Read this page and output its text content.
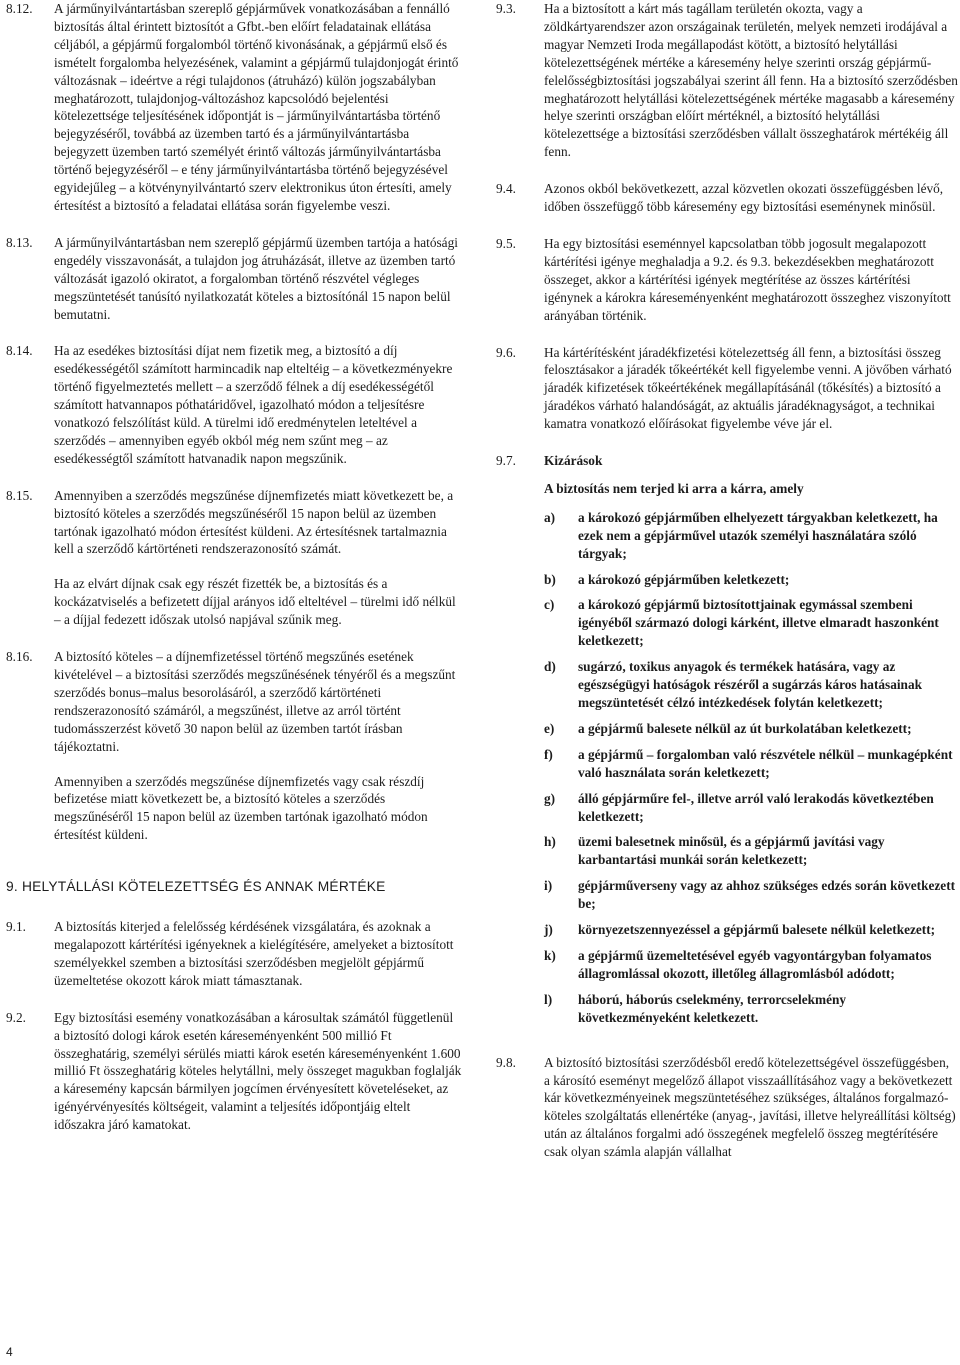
8.12.	A járműnyilvántartásban szereplő gépjárművek vonatkozásában a fennálló biztosítás által érintett biztosítót a Gfbt.-ben előírt feladatainak ellátása céljából, a gépjármű forgalomból történő kivonásának, a gépjármű első és ismételt forgalomba helyezésének, valamint a gépjármű tulajdonjogát érintő változásnak – ideértve a régi tulajdonos (átruházó) külön jogszabályban meghatározott, tulajdonjog-változáshoz kapcsolódó bejelentési kötelezettsége teljesítésének időpontját is – járműnyilvántartásba történő bejegyzéséről, továbbá az üzemben tartó és a járműnyilvántartásba bejegyzett üzemben tartó személyét érintő változás járműnyilvántartásba történő bejegyzéséről – e tény járműnyilvántartásba történő bejegyzésével egyidejűleg – a kötvénynyilvántartó szerv elektronikus úton értesíti, amely értesítést a biztosító a feladatai ellátása során figyelembe veszi.

8.13.	A járműnyilvántartásban nem szereplő gépjármű üzemben tartója a hatósági engedély visszavonását, a tulajdon jog átruházását, illetve az üzemben tartó változását igazoló okiratot, a forgalomban történő részvétel végleges megszüntetését tanúsító nyilatkozatát köteles a biztosítónál 15 napon belül bemutatni.

8.14.	Ha az esedékes biztosítási díjat nem fizetik meg, a biztosító a díj esedékességétől számított harmincadik nap elteltéig – a következményekre történő figyelmeztetés mellett – a szerződő félnek a díj esedékességétől számított hatvannapos póthatáridővel, igazolható módon a teljesítésre vonatkozó felszólítást küld. A türelmi idő eredménytelen leteltével a szerződés – amennyiben egyéb okból még nem szűnt meg – az esedékességtől számított hatvanadik napon megszűnik.

8.15.	Amennyiben a szerződés megszűnése díjnemfizetés miatt következett be, a biztosító köteles a szerződés megszűnéséről 15 napon belül az üzemben tartónak igazolható módon értesítést küldeni. Az értesítésnek tartalmaznia kell a szerződő kártörténeti rendszerazonosító számát.

Ha az elvárt díjnak csak egy részét fizették be, a biztosítás és a kockázatviselés a befizetett díjjal arányos idő elteltével – türelmi idő nélkül – a díjjal fedezett időszak utolsó napjával szűnik meg.

8.16.	A biztosító köteles – a díjnemfizetéssel történő megszűnés esetének kivételével – a biztosítási szerződés megszűnésének tényéről és a megszűnt szerződés bonus–malus besorolásáról, a szerződő kártörténeti rendszerazonosító számáról, a megszűnést, illetve az arról történt tudomásszerzést követő 30 napon belül az üzemben tartót írásban tájékoztatni.

Amennyiben a szerződés megszűnése díjnemfizetés vagy csak részdíj befizetése miatt következett be, a biztosító köteles a szerződés megszűnéséről 15 napon belül az üzemben tartónak igazolható módon értesítést küldeni.

9. HELYTÁLLÁSI KÖTELEZETTSÉG ÉS ANNAK MÉRTÉKE
9.1.	A biztosítás kiterjed a felelősség kérdésének vizsgálatára, és azoknak a megalapozott kártérítési igényeknek a kielégítésére, amelyeket a biztosított személyekkel szemben a biztosítási szerződésben megjelölt gépjármű üzemeltetése okozott károk miatt támasztanak.

9.2.	Egy biztosítási esemény vonatkozásában a károsultak számától függetlenül a biztosító dologi károk esetén káreseményenként 500 millió Ft összeghatárig, személyi sérülés miatti károk esetén káreseményenként 1.600 millió Ft összeghatárig köteles helytállni, mely összeget magukban foglalják a káresemény kapcsán bármilyen jogcímen érvényesített követeléseket, az igényérvényesítés költségeit, valamint a teljesítés időpontjáig eltelt időszakra járó kamatokat.

9.3.	Ha a biztosított a kárt más tagállam területén okozta, vagy a zöldkártyarendszer azon országainak területén, melyek nemzeti irodájával a magyar Nemzeti Iroda megállapodást kötött, a biztosító helytállási kötelezettségének mértéke a káresemény helye szerinti ország gépjármű-felelősségbiztosítási jogszabályai szerint áll fenn. Ha a biztosító szerződésben meghatározott helytállási kötelezettségének mértéke magasabb a káresemény helye szerinti országban előírt mértéknél, a biztosító helytállási kötelezettsége a biztosítási szerződésben vállalt összeghatárok mértékéig áll fenn.

9.4.	Azonos okból bekövetkezett, azzal közvetlen okozati összefüggésben lévő, időben összefüggő több káresemény egy biztosítási eseménynek minősül.

9.5.	Ha egy biztosítási eseménnyel kapcsolatban több jogosult megalapozott kártérítési igénye meghaladja a 9.2. és 9.3. bekezdésekben meghatározott összeget, akkor a kártérítési igények megtérítése az összes kártérítési igénynek a károkra káreseményenként meghatározott összeghez viszonyított arányában történik.

9.6.	Ha kártérítésként járadékfizetési kötelezettség áll fenn, a biztosítási összeg felosztásakor a járadék tőkeértékét kell figyelembe venni. A jövőben várható járadék kifizetések tőkeértékének megállapításánál (tőkésítés) a biztosító a járadékos várható halandóságát, az aktuális járadéknagyságot, a technikai kamatra vonatkozó előírásokat figyelembe véve jár el.

9.7.	Kizárások
A biztosítás nem terjed ki arra a kárra, amely
a)	a károkozó gépjárműben elhelyezett tárgyakban keletkezett, ha ezek nem a gépjárművel utazók személyi használatára szóló tárgyak;
b)	a károkozó gépjárműben keletkezett;
c)	a károkozó gépjármű biztosítottjainak egymással szembeni igényéből származó dologi kárként, illetve elmaradt haszonként keletkezett;
d)	sugárzó, toxikus anyagok és termékek hatására, vagy az egészségügyi hatóságok részéről a sugárzás káros hatásainak megszüntetését célzó intézkedések folytán keletkezett;
e)	a gépjármű balesete nélkül az út burkolatában keletkezett;
f)	a gépjármű – forgalomban való részvétele nélkül – munkagépként való használata során keletkezett;
g)	álló gépjárműre fel-, illetve arról való lerakodás következtében keletkezett;
h)	üzemi balesetnek minősül, és a gépjármű javítási vagy karbantartási munkái során keletkezett;
i)	gépjárműverseny vagy az ahhoz szükséges edzés során következett be;
j)	környezetszennyezéssel a gépjármű balesete nélkül keletkezett;
k)	a gépjármű üzemeltetésével egyéb vagyontárgyban folyamatos állagromlással okozott, illetőleg állagromlásból adódott;
l)	háború, háborús cselekmény, terrorcselekmény következményeként keletkezett.
9.8.	A biztosító biztosítási szerződésből eredő kötelezettségével összefüggésben, a károsító eseményt megelőző állapot visszaállításához vagy a bekövetkezett kár következményeinek megszüntetéséhez szükséges, általános forgalmazó-köteles szolgáltatás ellenértéke (anyag-, javítási, illetve helyreállítási költség) után az általános forgalmi adó összegének megfelelő összeg megtérítésére csak olyan számla alapján vállalhat

4
